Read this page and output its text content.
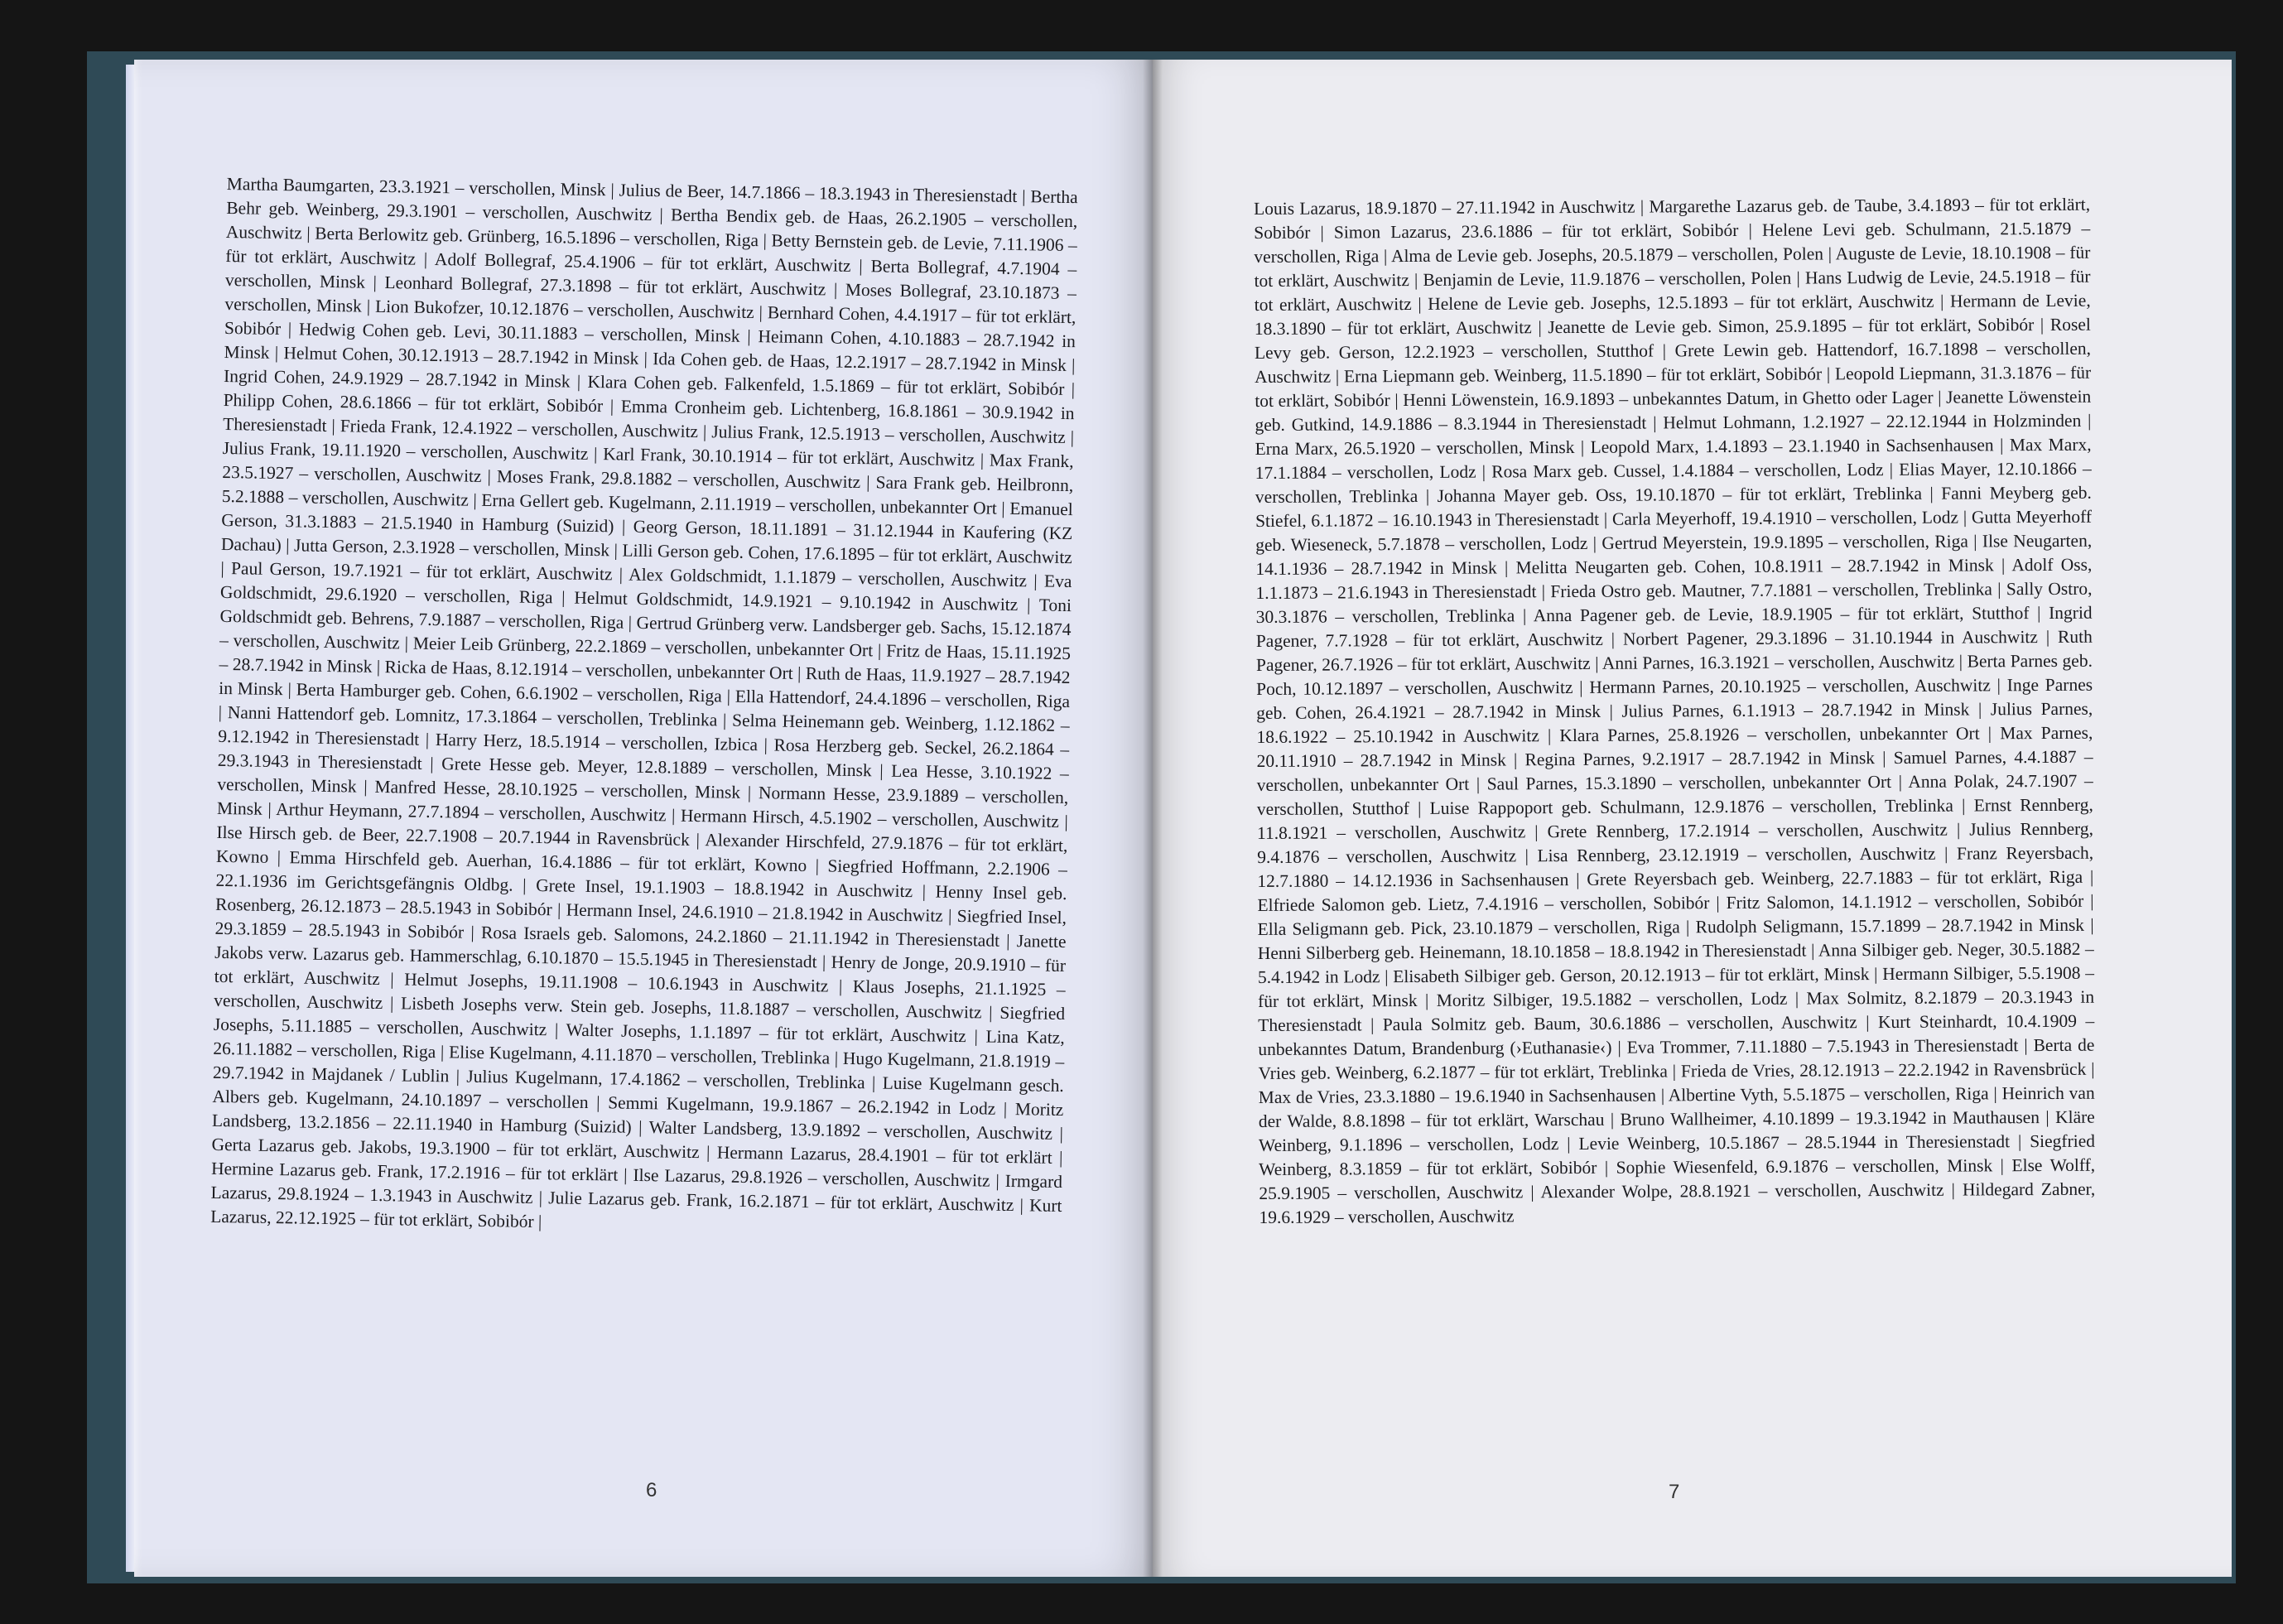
Martha Baumgarten, 23.3.1921 – verschollen, Minsk | Julius de Beer, 14.7.1866 – 18.3.1943 in Theresienstadt | Bertha Behr geb. Weinberg, 29.3.1901 – verschollen, Auschwitz | Bertha Bendix geb. de Haas, 26.2.1905 – verschollen, Auschwitz | Berta Berlowitz geb. Grünberg, 16.5.1896 – verschollen, Riga | Betty Bernstein geb. de Levie, 7.11.1906 – für tot erklärt, Auschwitz | Adolf Bollegraf, 25.4.1906 – für tot erklärt, Auschwitz | Berta Bollegraf, 4.7.1904 – verschollen, Minsk | Leonhard Bollegraf, 27.3.1898 – für tot erklärt, Auschwitz | Moses Bollegraf, 23.10.1873 – verschollen, Minsk | Lion Bukofzer, 10.12.1876 – verschollen, Auschwitz | Bernhard Cohen, 4.4.1917 – für tot erklärt, Sobibór | Hedwig Cohen geb. Levi, 30.11.1883 – verschollen, Minsk | Heimann Cohen, 4.10.1883 – 28.7.1942 in Minsk | Helmut Cohen, 30.12.1913 – 28.7.1942 in Minsk | Ida Cohen geb. de Haas, 12.2.1917 – 28.7.1942 in Minsk | Ingrid Cohen, 24.9.1929 – 28.7.1942 in Minsk | Klara Cohen geb. Falkenfeld, 1.5.1869 – für tot erklärt, Sobibór | Philipp Cohen, 28.6.1866 – für tot erklärt, Sobibór | Emma Cronheim geb. Lichtenberg, 16.8.1861 – 30.9.1942 in Theresienstadt | Frieda Frank, 12.4.1922 – verschollen, Auschwitz | Julius Frank, 12.5.1913 – verschollen, Auschwitz | Julius Frank, 19.11.1920 – verschollen, Auschwitz | Karl Frank, 30.10.1914 – für tot erklärt, Auschwitz | Max Frank, 23.5.1927 – verschollen, Auschwitz | Moses Frank, 29.8.1882 – verschollen, Auschwitz | Sara Frank geb. Heilbronn, 5.2.1888 – verschollen, Auschwitz | Erna Gellert geb. Kugelmann, 2.11.1919 – verschollen, unbekannter Ort | Emanuel Gerson, 31.3.1883 – 21.5.1940 in Hamburg (Suizid) | Georg Gerson, 18.11.1891 – 31.12.1944 in Kaufering (KZ Dachau) | Jutta Gerson, 2.3.1928 – verschollen, Minsk | Lilli Gerson geb. Cohen, 17.6.1895 – für tot erklärt, Auschwitz | Paul Gerson, 19.7.1921 – für tot erklärt, Auschwitz | Alex Goldschmidt, 1.1.1879 – verschollen, Auschwitz | Eva Goldschmidt, 29.6.1920 – verschollen, Riga | Helmut Goldschmidt, 14.9.1921 – 9.10.1942 in Auschwitz | Toni Goldschmidt geb. Behrens, 7.9.1887 – verschollen, Riga | Gertrud Grünberg verw. Landsberger geb. Sachs, 15.12.1874 – verschollen, Auschwitz | Meier Leib Grünberg, 22.2.1869 – verschollen, unbekannter Ort | Fritz de Haas, 15.11.1925 – 28.7.1942 in Minsk | Ricka de Haas, 8.12.1914 – verschollen, unbekannter Ort | Ruth de Haas, 11.9.1927 – 28.7.1942 in Minsk | Berta Hamburger geb. Cohen, 6.6.1902 – verschollen, Riga | Ella Hattendorf, 24.4.1896 – verschollen, Riga | Nanni Hattendorf geb. Lomnitz, 17.3.1864 – verschollen, Treblinka | Selma Heinemann geb. Weinberg, 1.12.1862 – 9.12.1942 in Theresienstadt | Harry Herz, 18.5.1914 – verschollen, Izbica | Rosa Herzberg geb. Seckel, 26.2.1864 – 29.3.1943 in Theresienstadt | Grete Hesse geb. Meyer, 12.8.1889 – verschollen, Minsk | Lea Hesse, 3.10.1922 – verschollen, Minsk | Manfred Hesse, 28.10.1925 – verschollen, Minsk | Normann Hesse, 23.9.1889 – verschollen, Minsk | Arthur Heymann, 27.7.1894 – verschollen, Auschwitz | Hermann Hirsch, 4.5.1902 – verschollen, Auschwitz | Ilse Hirsch geb. de Beer, 22.7.1908 – 20.7.1944 in Ravensbrück | Alexander Hirschfeld, 27.9.1876 – für tot erklärt, Kowno | Emma Hirschfeld geb. Auerhan, 16.4.1886 – für tot erklärt, Kowno | Siegfried Hoffmann, 2.2.1906 – 22.1.1936 im Gerichtsgefängnis Oldbg. | Grete Insel, 19.1.1903 – 18.8.1942 in Auschwitz | Henny Insel geb. Rosenberg, 26.12.1873 – 28.5.1943 in Sobibór | Hermann Insel, 24.6.1910 – 21.8.1942 in Auschwitz | Siegfried Insel, 29.3.1859 – 28.5.1943 in Sobibór | Rosa Israels geb. Salomons, 24.2.1860 – 21.11.1942 in Theresienstadt | Janette Jakobs verw. Lazarus geb. Hammerschlag, 6.10.1870 – 15.5.1945 in Theresienstadt | Henry de Jonge, 20.9.1910 – für tot erklärt, Auschwitz | Helmut Josephs, 19.11.1908 – 10.6.1943 in Auschwitz | Klaus Josephs, 21.1.1925 – verschollen, Auschwitz | Lisbeth Josephs verw. Stein geb. Josephs, 11.8.1887 – verschollen, Auschwitz | Siegfried Josephs, 5.11.1885 – verschollen, Auschwitz | Walter Josephs, 1.1.1897 – für tot erklärt, Auschwitz | Lina Katz, 26.11.1882 – verschollen, Riga | Elise Kugelmann, 4.11.1870 – verschollen, Treblinka | Hugo Kugelmann, 21.8.1919 – 29.7.1942 in Majdanek / Lublin | Julius Kugelmann, 17.4.1862 – verschollen, Treblinka | Luise Kugelmann gesch. Albers geb. Kugelmann, 24.10.1897 – verschollen | Semmi Kugelmann, 19.9.1867 – 26.2.1942 in Lodz | Moritz Landsberg, 13.2.1856 – 22.11.1940 in Hamburg (Suizid) | Walter Landsberg, 13.9.1892 – verschollen, Auschwitz | Gerta Lazarus geb. Jakobs, 19.3.1900 – für tot erklärt, Auschwitz | Hermann Lazarus, 28.4.1901 – für tot erklärt | Hermine Lazarus geb. Frank, 17.2.1916 – für tot erklärt | Ilse Lazarus, 29.8.1926 – verschollen, Auschwitz | Irmgard Lazarus, 29.8.1924 – 1.3.1943 in Auschwitz | Julie Lazarus geb. Frank, 16.2.1871 – für tot erklärt, Auschwitz | Kurt Lazarus, 22.12.1925 – für tot erklärt, Sobibór |
6
Louis Lazarus, 18.9.1870 – 27.11.1942 in Auschwitz | Margarethe Lazarus geb. de Taube, 3.4.1893 – für tot erklärt, Sobibór | Simon Lazarus, 23.6.1886 – für tot erklärt, Sobibór | Helene Levi geb. Schulmann, 21.5.1879 – verschollen, Riga | Alma de Levie geb. Josephs, 20.5.1879 – verschollen, Polen | Auguste de Levie, 18.10.1908 – für tot erklärt, Auschwitz | Benjamin de Levie, 11.9.1876 – verschollen, Polen | Hans Ludwig de Levie, 24.5.1918 – für tot erklärt, Auschwitz | Helene de Levie geb. Josephs, 12.5.1893 – für tot erklärt, Auschwitz | Hermann de Levie, 18.3.1890 – für tot erklärt, Auschwitz | Jeanette de Levie geb. Simon, 25.9.1895 – für tot erklärt, Sobibór | Rosel Levy geb. Gerson, 12.2.1923 – verschollen, Stutthof | Grete Lewin geb. Hattendorf, 16.7.1898 – verschollen, Auschwitz | Erna Liepmann geb. Weinberg, 11.5.1890 – für tot erklärt, Sobibór | Leopold Liepmann, 31.3.1876 – für tot erklärt, Sobibór | Henni Löwenstein, 16.9.1893 – unbekanntes Datum, in Ghetto oder Lager | Jeanette Löwenstein geb. Gutkind, 14.9.1886 – 8.3.1944 in Theresienstadt | Helmut Lohmann, 1.2.1927 – 22.12.1944 in Holzminden | Erna Marx, 26.5.1920 – verschollen, Minsk | Leopold Marx, 1.4.1893 – 23.1.1940 in Sachsenhausen | Max Marx, 17.1.1884 – verschollen, Lodz | Rosa Marx geb. Cussel, 1.4.1884 – verschollen, Lodz | Elias Mayer, 12.10.1866 – verschollen, Treblinka | Johanna Mayer geb. Oss, 19.10.1870 – für tot erklärt, Treblinka | Fanni Meyberg geb. Stiefel, 6.1.1872 – 16.10.1943 in Theresienstadt | Carla Meyerhoff, 19.4.1910 – verschollen, Lodz | Gutta Meyerhoff geb. Wieseneck, 5.7.1878 – verschollen, Lodz | Gertrud Meyerstein, 19.9.1895 – verschollen, Riga | Ilse Neugarten, 14.1.1936 – 28.7.1942 in Minsk | Melitta Neugarten geb. Cohen, 10.8.1911 – 28.7.1942 in Minsk | Adolf Oss, 1.1.1873 – 21.6.1943 in Theresienstadt | Frieda Ostro geb. Mautner, 7.7.1881 – verschollen, Treblinka | Sally Ostro, 30.3.1876 – verschollen, Treblinka | Anna Pagener geb. de Levie, 18.9.1905 – für tot erklärt, Stutthof | Ingrid Pagener, 7.7.1928 – für tot erklärt, Auschwitz | Norbert Pagener, 29.3.1896 – 31.10.1944 in Auschwitz | Ruth Pagener, 26.7.1926 – für tot erklärt, Auschwitz | Anni Parnes, 16.3.1921 – verschollen, Auschwitz | Berta Parnes geb. Poch, 10.12.1897 – verschollen, Auschwitz | Hermann Parnes, 20.10.1925 – verschollen, Auschwitz | Inge Parnes geb. Cohen, 26.4.1921 – 28.7.1942 in Minsk | Julius Parnes, 6.1.1913 – 28.7.1942 in Minsk | Julius Parnes, 18.6.1922 – 25.10.1942 in Auschwitz | Klara Parnes, 25.8.1926 – verschollen, unbekannter Ort | Max Parnes, 20.11.1910 – 28.7.1942 in Minsk | Regina Parnes, 9.2.1917 – 28.7.1942 in Minsk | Samuel Parnes, 4.4.1887 – verschollen, unbekannter Ort | Saul Parnes, 15.3.1890 – verschollen, unbekannter Ort | Anna Polak, 24.7.1907 – verschollen, Stutthof | Luise Rappoport geb. Schulmann, 12.9.1876 – verschollen, Treblinka | Ernst Rennberg, 11.8.1921 – verschollen, Auschwitz | Grete Rennberg, 17.2.1914 – verschollen, Auschwitz | Julius Rennberg, 9.4.1876 – verschollen, Auschwitz | Lisa Rennberg, 23.12.1919 – verschollen, Auschwitz | Franz Reyersbach, 12.7.1880 – 14.12.1936 in Sachsenhausen | Grete Reyersbach geb. Weinberg, 22.7.1883 – für tot erklärt, Riga | Elfriede Salomon geb. Lietz, 7.4.1916 – verschollen, Sobibór | Fritz Salomon, 14.1.1912 – verschollen, Sobibór | Ella Seligmann geb. Pick, 23.10.1879 – verschollen, Riga | Rudolph Seligmann, 15.7.1899 – 28.7.1942 in Minsk | Henni Silberberg geb. Heinemann, 18.10.1858 – 18.8.1942 in Theresienstadt | Anna Silbiger geb. Neger, 30.5.1882 – 5.4.1942 in Lodz | Elisabeth Silbiger geb. Gerson, 20.12.1913 – für tot erklärt, Minsk | Hermann Silbiger, 5.5.1908 – für tot erklärt, Minsk | Moritz Silbiger, 19.5.1882 – verschollen, Lodz | Max Solmitz, 8.2.1879 – 20.3.1943 in Theresienstadt | Paula Solmitz geb. Baum, 30.6.1886 – verschollen, Auschwitz | Kurt Steinhardt, 10.4.1909 – unbekanntes Datum, Brandenburg (›Euthanasie‹) | Eva Trommer, 7.11.1880 – 7.5.1943 in Theresienstadt | Berta de Vries geb. Weinberg, 6.2.1877 – für tot erklärt, Treblinka | Frieda de Vries, 28.12.1913 – 22.2.1942 in Ravensbrück | Max de Vries, 23.3.1880 – 19.6.1940 in Sachsenhausen | Albertine Vyth, 5.5.1875 – verschollen, Riga | Heinrich van der Walde, 8.8.1898 – für tot erklärt, Warschau | Bruno Wallheimer, 4.10.1899 – 19.3.1942 in Mauthausen | Kläre Weinberg, 9.1.1896 – verschollen, Lodz | Levie Weinberg, 10.5.1867 – 28.5.1944 in Theresienstadt | Siegfried Weinberg, 8.3.1859 – für tot erklärt, Sobibór | Sophie Wiesenfeld, 6.9.1876 – verschollen, Minsk | Else Wolff, 25.9.1905 – verschollen, Auschwitz | Alexander Wolpe, 28.8.1921 – verschollen, Auschwitz | Hildegard Zabner, 19.6.1929 – verschollen, Auschwitz
7
